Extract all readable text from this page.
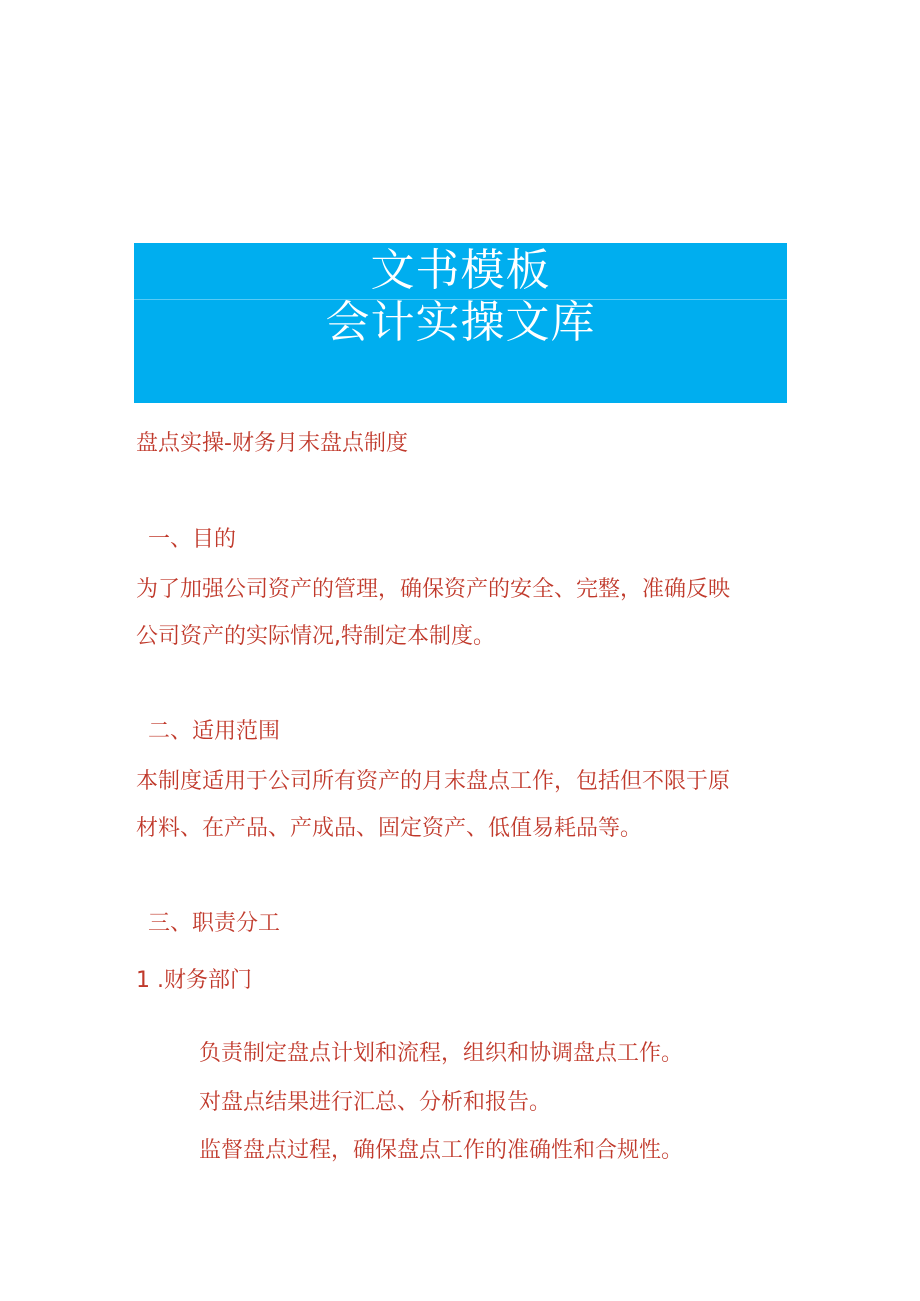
文书模板
会计实操文库
盘点实操-财务月末盘点制度
一、目的
为了加强公司资产的管理，确保资产的安全、完整，准确反映
公司资产的实际情况,特制定本制度。
二、适用范围
本制度适用于公司所有资产的月末盘点工作，包括但不限于原
材料、在产品、产成品、固定资产、低值易耗品等。
三、职责分工
1 .财务部门
负责制定盘点计划和流程，组织和协调盘点工作。
对盘点结果进行汇总、分析和报告。
监督盘点过程，确保盘点工作的准确性和合规性。
